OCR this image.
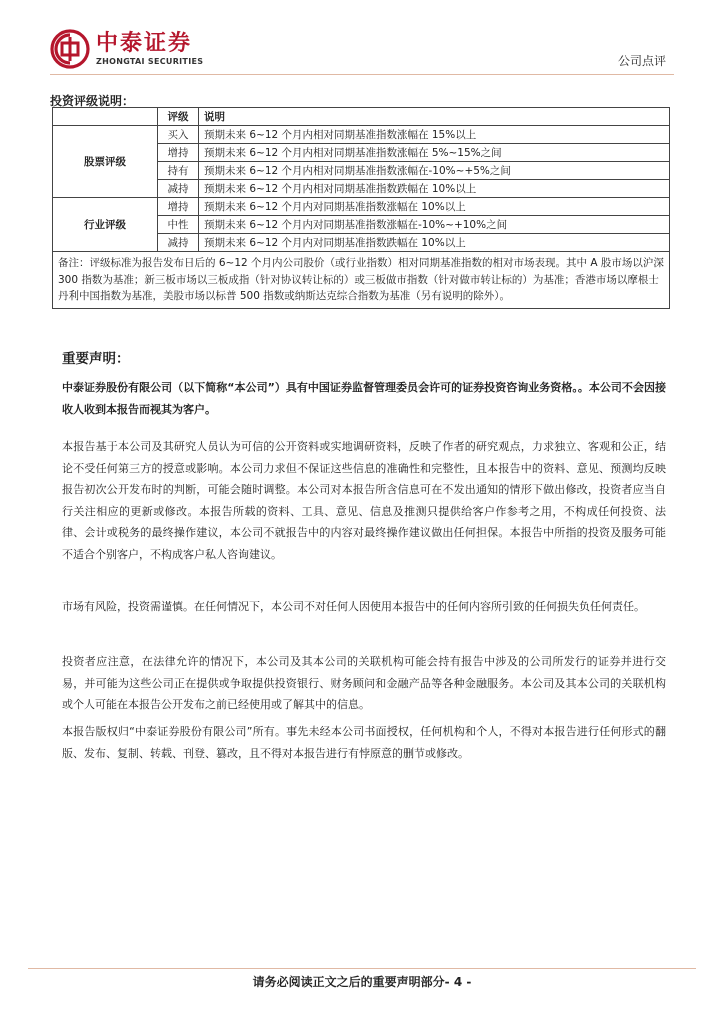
中泰证券
ZHONGTAI SECURITIES	公司点评
投资评级说明：
	评级	说明
股票评级	买入	预期未来 6~12 个月内相对同期基准指数涨幅在 15%以上
	增持	预期未来 6~12 个月内相对同期基准指数涨幅在 5%~15%之间
	持有	预期未来 6~12 个月内相对同期基准指数涨幅在-10%~+5%之间
	减持	预期未来 6~12 个月内相对同期基准指数跌幅在 10%以上
行业评级	增持	预期未来 6~12 个月内对同期基准指数涨幅在 10%以上
	中性	预期未来 6~12 个月内对同期基准指数涨幅在-10%~+10%之间
	减持	预期未来 6~12 个月内对同期基准指数跌幅在 10%以上
备注：评级标准为报告发布日后的 6~12 个月内公司股价（或行业指数）相对同期基准指数的相对市场表现。其中 A 股市场以沪深 300 指数为基准；新三板市场以三板成指（针对协议转让标的）或三板做市指数（针对做市转让标的）为基准；香港市场以摩根士丹利中国指数为基准，美股市场以标普 500 指数或纳斯达克综合指数为基准（另有说明的除外）。		
重要声明：

中泰证券股份有限公司（以下简称“本公司”）具有中国证券监督管理委员会许可的证券投资咨询业务资格。。本公司不会因接收人收到本报告而视其为客户。

本报告基于本公司及其研究人员认为可信的公开资料或实地调研资料，反映了作者的研究观点，力求独立、客观和公正，结论不受任何第三方的授意或影响。本公司力求但不保证这些信息的准确性和完整性，且本报告中的资料、意见、预测均反映报告初次公开发布时的判断，可能会随时调整。本公司对本报告所含信息可在不发出通知的情形下做出修改，投资者应当自行关注相应的更新或修改。本报告所载的资料、工具、意见、信息及推测只提供给客户作参考之用，不构成任何投资、法律、会计或税务的最终操作建议，本公司不就报告中的内容对最终操作建议做出任何担保。本报告中所指的投资及服务可能不适合个别客户，不构成客户私人咨询建议。

市场有风险，投资需谨慎。在任何情况下，本公司不对任何人因使用本报告中的任何内容所引致的任何损失负任何责任。

投资者应注意，在法律允许的情况下，本公司及其本公司的关联机构可能会持有报告中涉及的公司所发行的证券并进行交易，并可能为这些公司正在提供或争取提供投资银行、财务顾问和金融产品等各种金融服务。本公司及其本公司的关联机构或个人可能在本报告公开发布之前已经使用或了解其中的信息。

本报告版权归“中泰证券股份有限公司”所有。事先未经本公司书面授权，任何机构和个人，不得对本报告进行任何形式的翻版、发布、复制、转载、刊登、篡改，且不得对本报告进行有悖原意的删节或修改。

请务必阅读正文之后的重要声明部分- 4 -
